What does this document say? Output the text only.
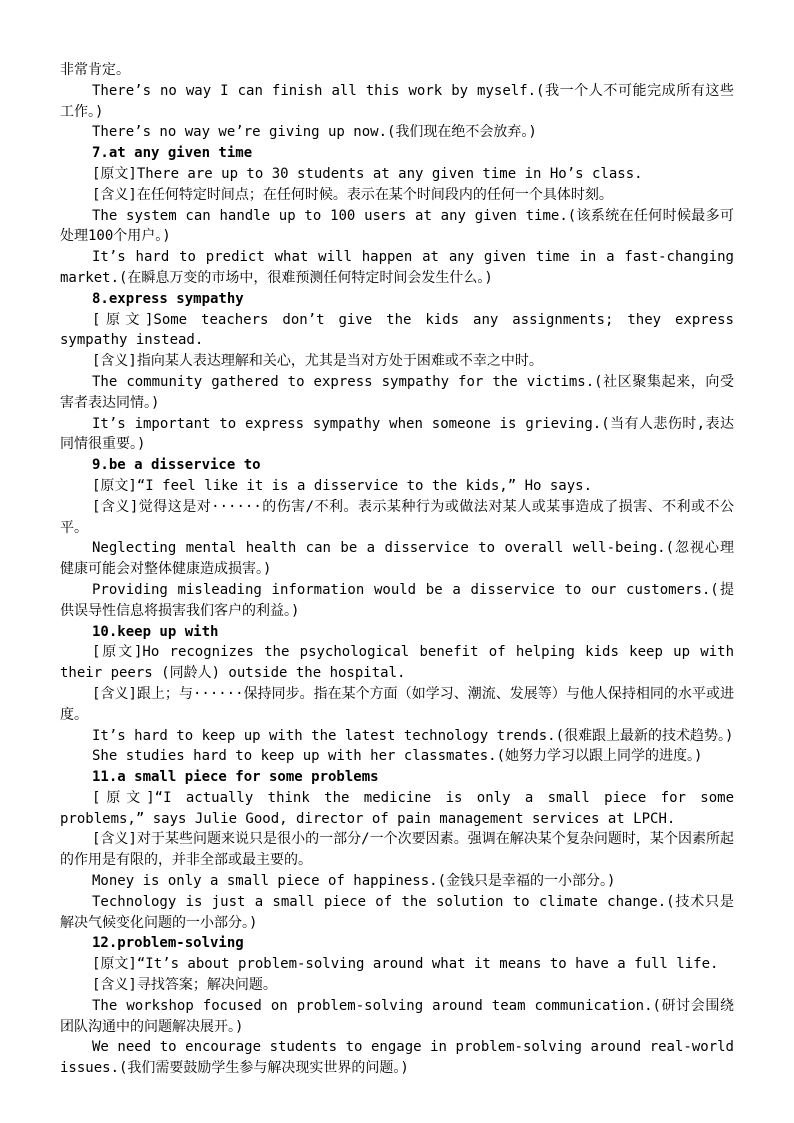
非常肯定。

There’s no way I can finish all this work by myself.(我一个人不可能完成所有这些工作。)

There’s no way we’re giving up now.(我们现在绝不会放弃。)

7.at any given time

[原文]There are up to 30 students at any given time in Ho’s class.

[含义]在任何特定时间点；在任何时候。表示在某个时间段内的任何一个具体时刻。

The system can handle up to 100 users at any given time.(该系统在任何时候最多可处理100个用户。)

It’s hard to predict what will happen at any given time in a fast-changing market.(在瞬息万变的市场中，很难预测任何特定时间会发生什么。)

8.express sympathy

[原文]Some teachers don’t give the kids any assignments; they express sympathy instead.

[含义]指向某人表达理解和关心，尤其是当对方处于困难或不幸之中时。

The community gathered to express sympathy for the victims.(社区聚集起来，向受害者表达同情。)

It’s important to express sympathy when someone is grieving.(当有人悲伤时,表达同情很重要。)

9.be a disservice to

[原文]“I feel like it is a disservice to the kids,” Ho says.

[含义]觉得这是对······的伤害/不利。表示某种行为或做法对某人或某事造成了损害、不利或不公平。

Neglecting mental health can be a disservice to overall well-being.(忽视心理健康可能会对整体健康造成损害。)

Providing misleading information would be a disservice to our customers.(提供误导性信息将损害我们客户的利益。)

10.keep up with

[原文]Ho recognizes the psychological benefit of helping kids keep up with their peers (同龄人) outside the hospital.

[含义]跟上；与······保持同步。指在某个方面（如学习、潮流、发展等）与他人保持相同的水平或进度。

It’s hard to keep up with the latest technology trends.(很难跟上最新的技术趋势。)

She studies hard to keep up with her classmates.(她努力学习以跟上同学的进度。)

11.a small piece for some problems

[原文]“I actually think the medicine is only a small piece for some problems,” says Julie Good, director of pain management services at LPCH.

[含义]对于某些问题来说只是很小的一部分/一个次要因素。强调在解决某个复杂问题时，某个因素所起的作用是有限的，并非全部或最主要的。

Money is only a small piece of happiness.(金钱只是幸福的一小部分。)

Technology is just a small piece of the solution to climate change.(技术只是解决气候变化问题的一小部分。)

12.problem-solving

[原文]“It’s about problem-solving around what it means to have a full life.

[含义]寻找答案；解决问题。

The workshop focused on problem-solving around team communication.(研讨会围绕团队沟通中的问题解决展开。)

We need to encourage students to engage in problem-solving around real-world issues.(我们需要鼓励学生参与解决现实世界的问题。)
